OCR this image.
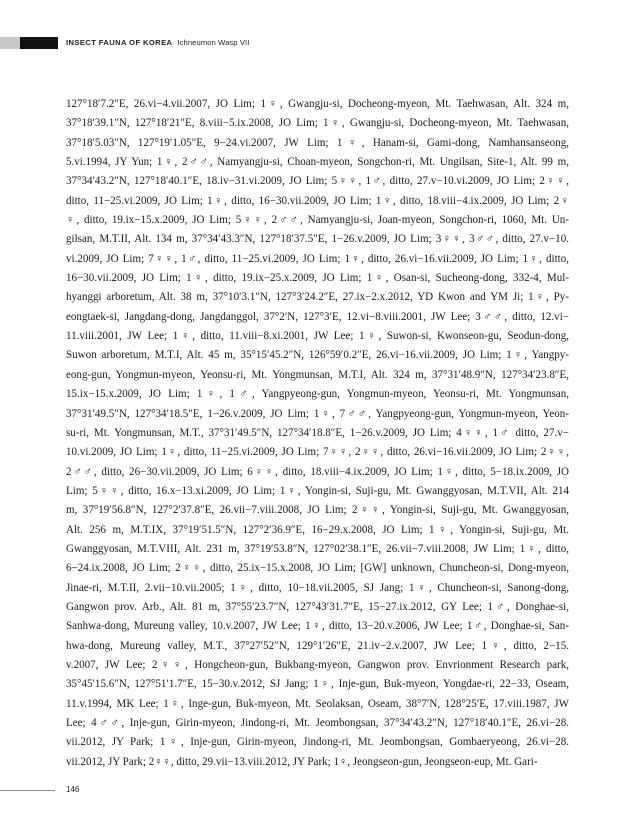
INSECT FAUNA OF KOREA Ichneumon Wasp VII
127°18′7.2″E, 26.vi−4.vii.2007, JO Lim; 1♀, Gwangju-si, Docheong-myeon, Mt. Taehwasan, Alt. 324 m,
37°18′39.1″N, 127°18′21″E, 8.viii−5.ix.2008, JO Lim; 1♀, Gwangju-si, Docheong-myeon, Mt. Taehwasan,
37°18′5.03″N, 127°19′1.05″E, 9−24.vi.2007, JW Lim; 1♀, Hanam-si, Gami-dong, Namhansanseong,
5.vi.1994, JY Yun; 1♀, 2♂♂, Namyangju-si, Choan-myeon, Songchon-ri, Mt. Ungilsan, Site-1, Alt. 99 m,
37°34′43.2″N, 127°18′40.1″E, 18.iv−31.vi.2009, JO Lim; 5♀♀, 1♂, ditto, 27.v−10.vi.2009, JO Lim; 2♀♀,
ditto, 11−25.vi.2009, JO Lim; 1♀, ditto, 16−30.vii.2009, JO Lim; 1♀, ditto, 18.viii−4.ix.2009, JO Lim; 2♀
♀, ditto, 19.ix−15.x.2009, JO Lim; 5♀♀, 2♂♂, Namyangju-si, Joan-myeon, Songchon-ri, 1060, Mt. Un-
gilsan, M.T.II, Alt. 134 m, 37°34′43.3″N, 127°18′37.5″E, 1−26.v.2009, JO Lim; 3♀♀, 3♂♂, ditto, 27.v−10.
vi.2009, JO Lim; 7♀♀, 1♂, ditto, 11−25.vi.2009, JO Lim; 1♀, ditto, 26.vi−16.vii.2009, JO Lim; 1♀, ditto,
16−30.vii.2009, JO Lim; 1♀, ditto, 19.ix−25.x.2009, JO Lim; 1♀, Osan-si, Sucheong-dong, 332-4, Mul-
hyanggi arboretum, Alt. 38 m, 37°10′3.1″N, 127°3′24.2″E, 27.ix−2.x.2012, YD Kwon and YM Ji; 1♀, Py-
eongtaek-si, Jangdang-dong, Jangdanggol, 37°2′N, 127°3′E, 12.vi−8.viii.2001, JW Lee; 3♂♂, ditto, 12.vi−
11.viii.2001, JW Lee; 1♀, ditto, 11.viii−8.xi.2001, JW Lee; 1♀, Suwon-si, Kwonseon-gu, Seodun-dong,
Suwon arboretum, M.T.I, Alt. 45 m, 35°15′45.2″N, 126°59′0.2″E, 26.vi−16.vii.2009, JO Lim; 1♀, Yangpy-
eong-gun, Yongmun-myeon, Yeonsu-ri, Mt. Yongmunsan, M.T.I, Alt. 324 m, 37°31′48.9″N, 127°34′23.8″E,
15.ix−15.x.2009, JO Lim; 1♀, 1♂, Yangpyeong-gun, Yongmun-myeon, Yeonsu-ri, Mt. Yongmunsan,
37°31′49.5″N, 127°34′18.5″E, 1−26.v.2009, JO Lim; 1♀, 7♂♂, Yangpyeong-gun, Yongmun-myeon, Yeon-
su-ri, Mt. Yongmunsan, M.T., 37°31′49.5″N, 127°34′18.8″E, 1−26.v.2009, JO Lim; 4♀♀, 1♂ ditto, 27.v−
10.vi.2009, JO Lim; 1♀, ditto, 11−25.vi.2009, JO Lim; 7♀♀, 2♀♀, ditto, 26.vi−16.vii.2009, JO Lim; 2♀♀,
2♂♂, ditto, 26−30.vii.2009, JO Lim; 6♀♀, ditto, 18.viii−4.ix.2009, JO Lim; 1♀, ditto, 5−18.ix.2009, JO
Lim; 5♀♀, ditto, 16.x−13.xi.2009, JO Lim; 1♀, Yongin-si, Suji-gu, Mt. Gwanggyosan, M.T.VII, Alt. 214
m, 37°19′56.8″N, 127°2′37.8″E, 26.vii−7.viii.2008, JO Lim; 2♀♀, Yongin-si, Suji-gu, Mt. Gwanggyosan,
Alt. 256 m, M.T.IX, 37°19′51.5″N, 127°2′36.9″E, 16−29.x.2008, JO Lim; 1♀, Yongin-si, Suji-gu, Mt.
Gwanggyosan, M.T.VIII, Alt. 231 m, 37°19′53.8″N, 127°02′38.1″E, 26.vii−7.viii.2008, JW Lim; 1♀, ditto,
6−24.ix.2008, JO Lim; 2♀♀, ditto, 25.ix−15.x.2008, JO Lim; [GW] unknown, Chuncheon-si, Dong-myeon,
Jinae-ri, M.T.II, 2.vii−10.vii.2005; 1♀, ditto, 10−18.vii.2005, SJ Jang; 1♀, Chuncheon-si, Sanong-dong,
Gangwon prov. Arb., Alt. 81 m, 37°55′23.7″N, 127°43′31.7″E, 15−27.ix.2012, GY Lee; 1♂, Donghae-si,
Sanhwa-dong, Mureung valley, 10.v.2007, JW Lee; 1♀, ditto, 13−20.v.2006, JW Lee; 1♂, Donghae-si, San-
hwa-dong, Mureung valley, M.T., 37°27′52″N, 129°1′26″E, 21.iv−2.v.2007, JW Lee; 1♀, ditto, 2−15.
v.2007, JW Lee; 2♀♀, Hongcheon-gun, Bukbang-myeon, Gangwon prov. Envrionment Research park,
35°45′15.6″N, 127°51′1.7″E, 15−30.v.2012, SJ Jang; 1♀, Inje-gun, Buk-myeon, Yongdae-ri, 22−33, Oseam,
11.v.1994, MK Lee; 1♀, Inge-gun, Buk-myeon, Mt. Seolaksan, Oseam, 38°7′N, 128°25′E, 17.viii.1987, JW
Lee; 4♂♂, Inje-gun, Girin-myeon, Jindong-ri, Mt. Jeombongsan, 37°34′43.2″N, 127°18′40.1″E, 26.vi−28.
vii.2012, JY Park; 1♀, Inje-gun, Girin-myeon, Jindong-ri, Mt. Jeombongsan, Gombaeryeong, 26.vi−28.
vii.2012, JY Park; 2♀♀, ditto, 29.vii−13.viii.2012, JY Park; 1♀, Jeongseon-gun, Jeongseon-eup, Mt. Gari-
146
